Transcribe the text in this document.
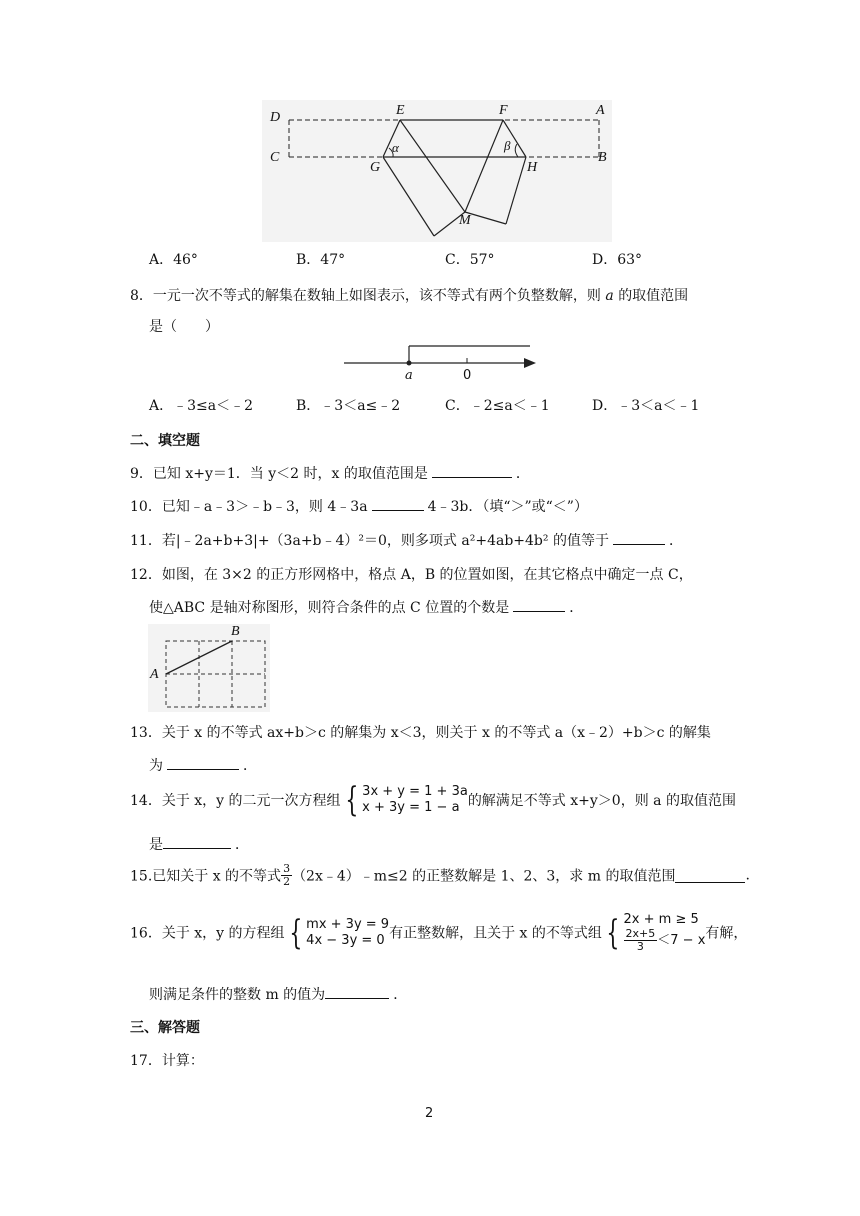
D
C
E	F	A
B
G	H
M
α	β
A．46°	B．47°	C．57°	D．63°
8．一元一次不等式的解集在数轴上如图表示，该不等式有两个负整数解，则 a 的取值范围
是（　　）
a	0
A．﹣3≤a＜﹣2	B．﹣3＜a≤﹣2	C．﹣2≤a＜﹣1	D．﹣3＜a＜﹣1
二、填空题
9．已知 x+y＝1．当 y＜2 时，x 的取值范围是	．
10．已知﹣a﹣3＞﹣b﹣3，则 4﹣3a	4﹣3b．（填“＞”或“＜”）
11．若|﹣2a+b+3|+（3a+b﹣4）²＝0，则多项式 a²+4ab+4b² 的值等于	．
12．如图，在 3×2 的正方形网格中，格点 A，B 的位置如图，在其它格点中确定一点 C，
使△ABC 是轴对称图形，则符合条件的点 C 位置的个数是	．
A
B
13．关于 x 的不等式 ax+b＞c 的解集为 x＜3，则关于 x 的不等式 a（x﹣2）+b＞c 的解集
为	．
14．关于 x，y 的二元一次方程组 { 3x + y = 1 + 3a
x + 3y = 1 − a 的解满足不等式 x+y＞0，则 a 的取值范围
是	．
15.已知关于 x 的不等式 $\frac{3}{2}$ （2x﹣4）﹣m≤2 的正整数解是 1、2、3，求 m 的取值范围	.
16．关于 x，y 的方程组 { mx + 3y = 9
4x − 3y = 0 有正整数解，且关于 x 的不等式组 { 2x + m ≥ 5
$\frac{2x+5}{3} <7 - x$ 有解，
则满足条件的整数 m 的值为	．
三、解答题
17．计算：
2
